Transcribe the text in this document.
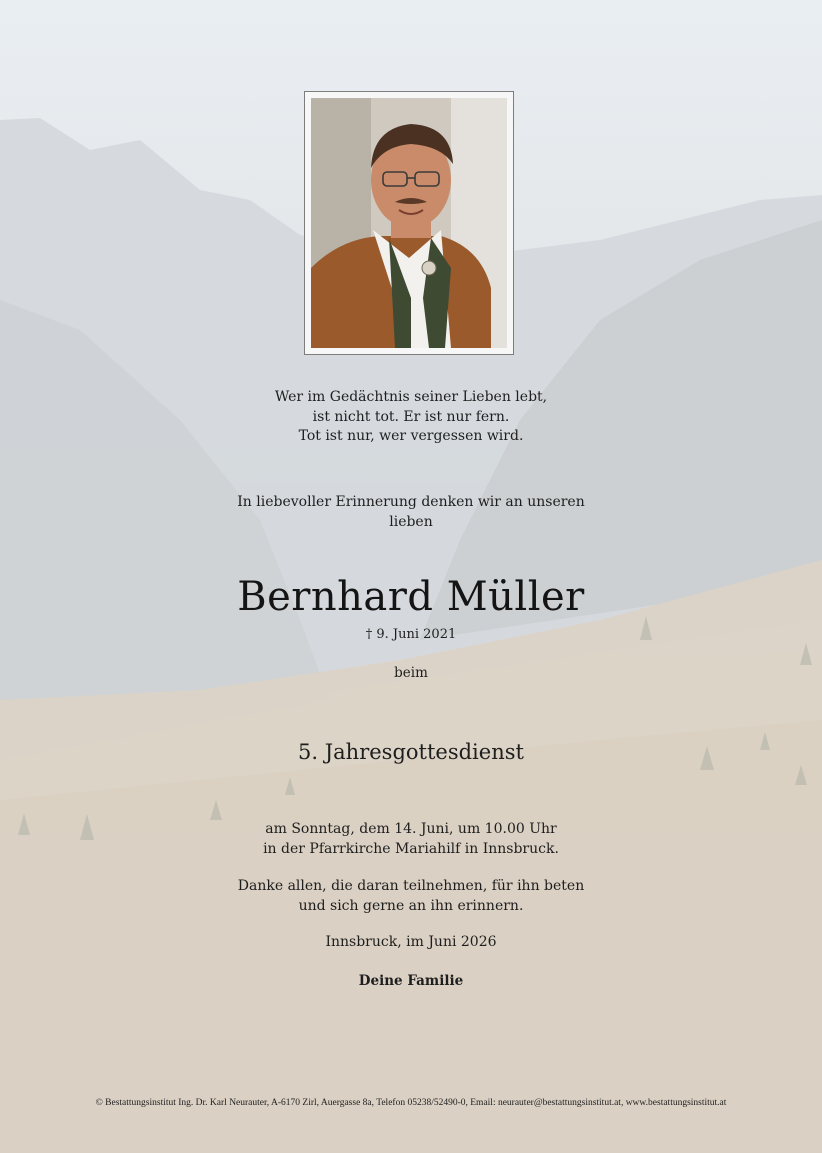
Wer im Gedächtnis seiner Lieben lebt,
ist nicht tot. Er ist nur fern.
Tot ist nur, wer vergessen wird.
In liebevoller Erinnerung denken wir an unseren
lieben
Bernhard Müller
† 9. Juni 2021
beim
5. Jahresgottesdienst
am Sonntag, dem 14. Juni, um 10.00 Uhr
in der Pfarrkirche Mariahilf in Innsbruck.
Danke allen, die daran teilnehmen, für ihn beten
und sich gerne an ihn erinnern.
Innsbruck, im Juni 2026
Deine Familie
© Bestattungsinstitut Ing. Dr. Karl Neurauter, A-6170 Zirl, Auergasse 8a, Telefon 05238/52490-0, Email: neurauter@bestattungsinstitut.at, www.bestattungsinstitut.at
